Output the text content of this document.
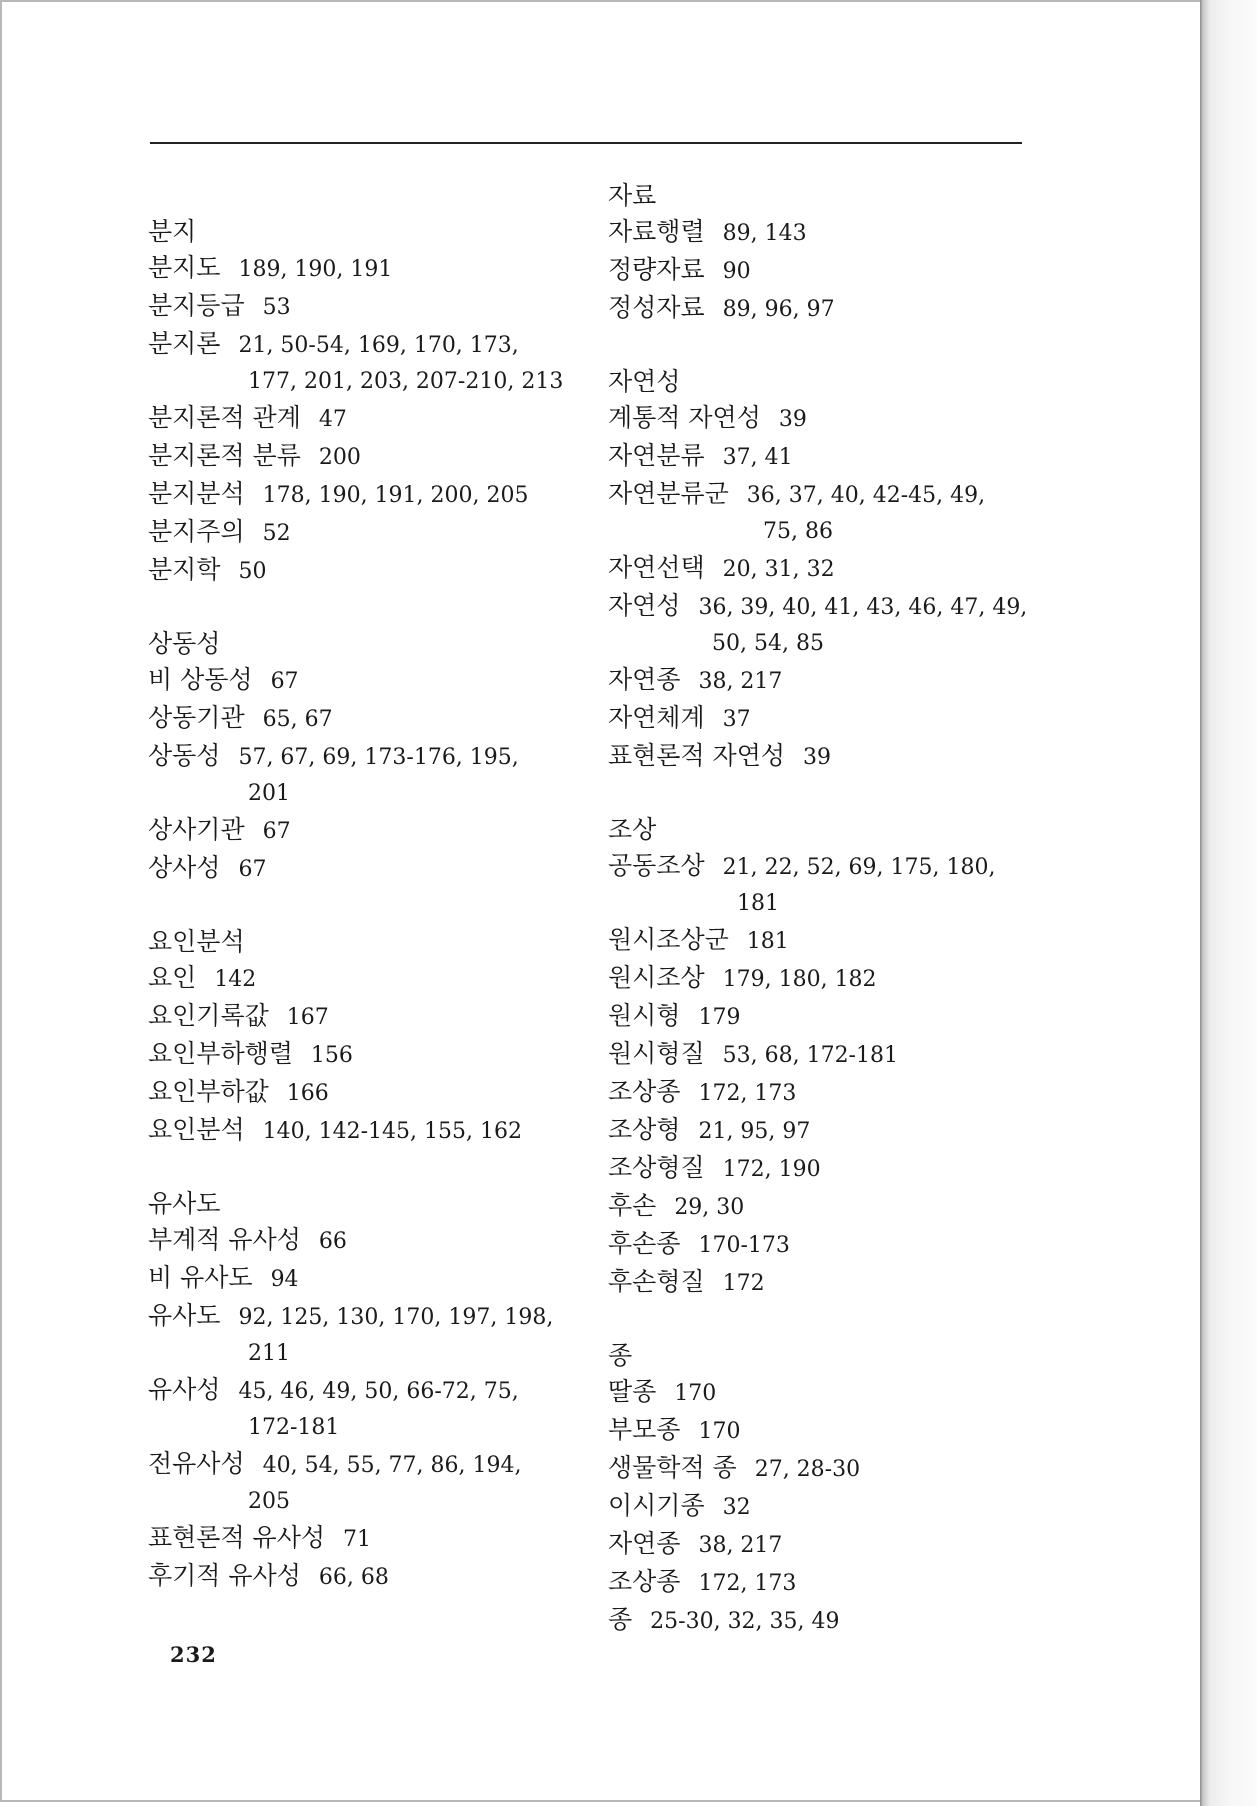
분지
분지도 189, 190, 191
분지등급 53
분지론 21, 50-54, 169, 170, 173,
177, 201, 203, 207-210, 213
분지론적 관계 47
분지론적 분류 200
분지분석 178, 190, 191, 200, 205
분지주의 52
분지학 50
상동성
비 상동성 67
상동기관 65, 67
상동성 57, 67, 69, 173-176, 195,
201
상사기관 67
상사성 67
요인분석
요인 142
요인기록값 167
요인부하행렬 156
요인부하값 166
요인분석 140, 142-145, 155, 162
유사도
부계적 유사성 66
비 유사도 94
유사도 92, 125, 130, 170, 197, 198,
211
유사성 45, 46, 49, 50, 66-72, 75,
172-181
전유사성 40, 54, 55, 77, 86, 194,
205
표현론적 유사성 71
후기적 유사성 66, 68
자료
자료행렬 89, 143
정량자료 90
정성자료 89, 96, 97
자연성
계통적 자연성 39
자연분류 37, 41
자연분류군 36, 37, 40, 42-45, 49,
75, 86
자연선택 20, 31, 32
자연성 36, 39, 40, 41, 43, 46, 47, 49,
50, 54, 85
자연종 38, 217
자연체계 37
표현론적 자연성 39
조상
공동조상 21, 22, 52, 69, 175, 180,
181
원시조상군 181
원시조상 179, 180, 182
원시형 179
원시형질 53, 68, 172-181
조상종 172, 173
조상형 21, 95, 97
조상형질 172, 190
후손 29, 30
후손종 170-173
후손형질 172
종
딸종 170
부모종 170
생물학적 종 27, 28-30
이시기종 32
자연종 38, 217
조상종 172, 173
종 25-30, 32, 35, 49
232
